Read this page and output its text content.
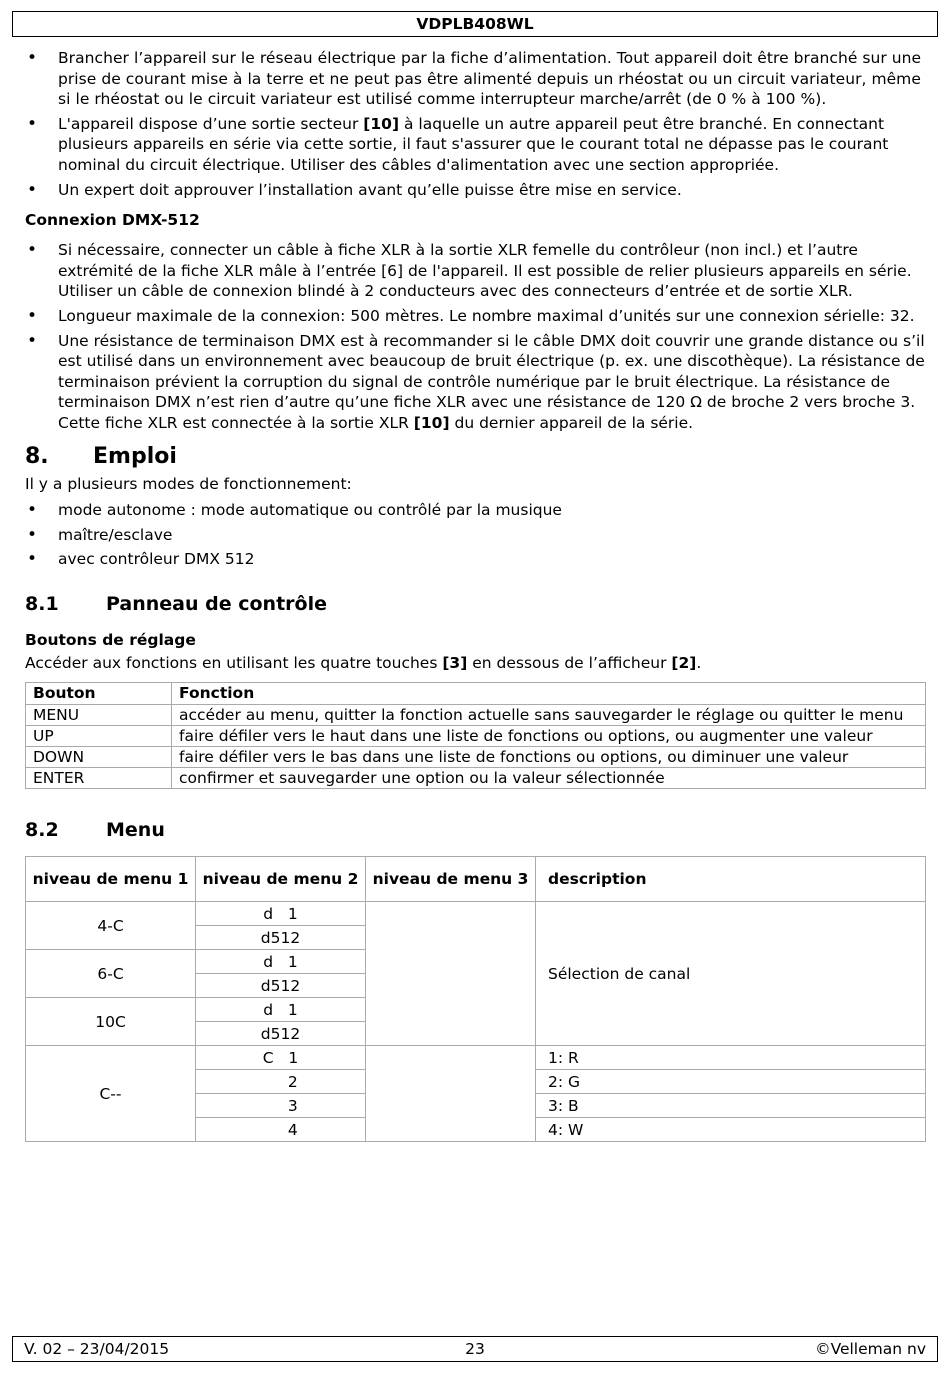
VDPLB408WL
• Brancher l’appareil sur le réseau électrique par la fiche d’alimentation. Tout appareil doit être branché sur une prise de courant mise à la terre et ne peut pas être alimenté depuis un rhéostat ou un circuit variateur, même si le rhéostat ou le circuit variateur est utilisé comme interrupteur marche/arrêt (de 0 % à 100 %).
• L'appareil dispose d’une sortie secteur [10] à laquelle un autre appareil peut être branché. En connectant plusieurs appareils en série via cette sortie, il faut s'assurer que le courant total ne dépasse pas le courant nominal du circuit électrique. Utiliser des câbles d'alimentation avec une section appropriée.
• Un expert doit approuver l’installation avant qu’elle puisse être mise en service.
Connexion DMX-512
• Si nécessaire, connecter un câble à fiche XLR à la sortie XLR femelle du contrôleur (non incl.) et l’autre extrémité de la fiche XLR mâle à l’entrée [6] de l'appareil. Il est possible de relier plusieurs appareils en série. Utiliser un câble de connexion blindé à 2 conducteurs avec des connecteurs d’entrée et de sortie XLR.
• Longueur maximale de la connexion: 500 mètres. Le nombre maximal d’unités sur une connexion sérielle: 32.
• Une résistance de terminaison DMX est à recommander si le câble DMX doit couvrir une grande distance ou s’il est utilisé dans un environnement avec beaucoup de bruit électrique (p. ex. une discothèque). La résistance de terminaison prévient la corruption du signal de contrôle numérique par le bruit électrique. La résistance de terminaison DMX n’est rien d’autre qu’une fiche XLR avec une résistance de 120 Ω de broche 2 vers broche 3. Cette fiche XLR est connectée à la sortie XLR [10] du dernier appareil de la série.
8. Emploi

Il y a plusieurs modes de fonctionnement:

• mode autonome : mode automatique ou contrôlé par la musique
• maître/esclave
• avec contrôleur DMX 512
8.1 Panneau de contrôle
Boutons de réglage

Accéder aux fonctions en utilisant les quatre touches [3] en dessous de l’afficheur [2].

Bouton	Fonction
MENU	accéder au menu, quitter la fonction actuelle sans sauvegarder le réglage ou quitter le menu
UP	faire défiler vers le haut dans une liste de fonctions ou options, ou augmenter une valeur
DOWN	faire défiler vers le bas dans une liste de fonctions ou options, ou diminuer une valeur
ENTER	confirmer et sauvegarder une option ou la valeur sélectionnée
8.2 Menu
niveau de menu 1	niveau de menu 2	niveau de menu 3	description
4-C	d   1		Sélection de canal
	d512		
6-C	d   1		
	d512		
10C	d   1		
	d512		
C--	C   1		1: R
	2		2: G
	3		3: B
	4		4: W
V. 02 – 23/04/2015	23	©Velleman nv
